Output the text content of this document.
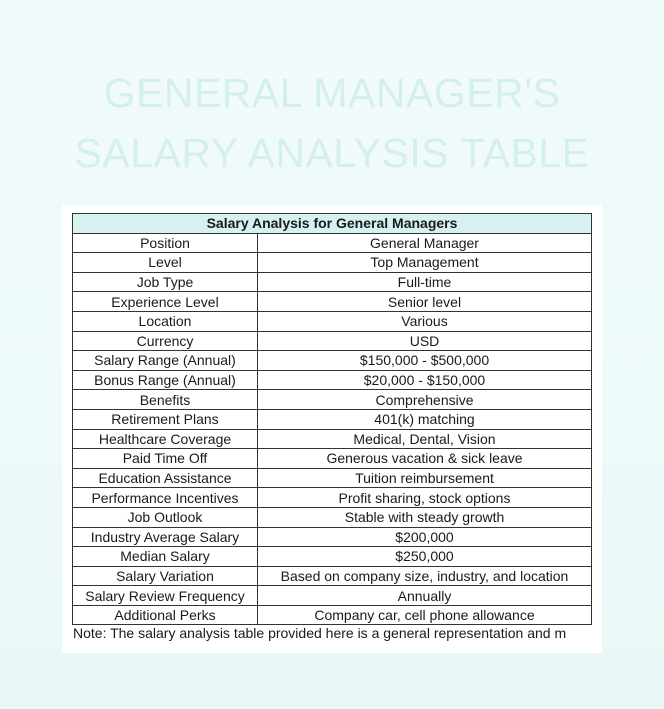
GENERAL MANAGER'S
SALARY ANALYSIS TABLE
Salary Analysis for General Managers	
Position	General Manager
Level	Top Management
Job Type	Full-time
Experience Level	Senior level
Location	Various
Currency	USD
Salary Range (Annual)	$150,000 - $500,000
Bonus Range (Annual)	$20,000 - $150,000
Benefits	Comprehensive
Retirement Plans	401(k) matching
Healthcare Coverage	Medical, Dental, Vision
Paid Time Off	Generous vacation & sick leave
Education Assistance	Tuition reimbursement
Performance Incentives	Profit sharing, stock options
Job Outlook	Stable with steady growth
Industry Average Salary	$200,000
Median Salary	$250,000
Salary Variation	Based on company size, industry, and location
Salary Review Frequency	Annually
Additional Perks	Company car, cell phone allowance
Note: The salary analysis table provided here is a general representation and m
